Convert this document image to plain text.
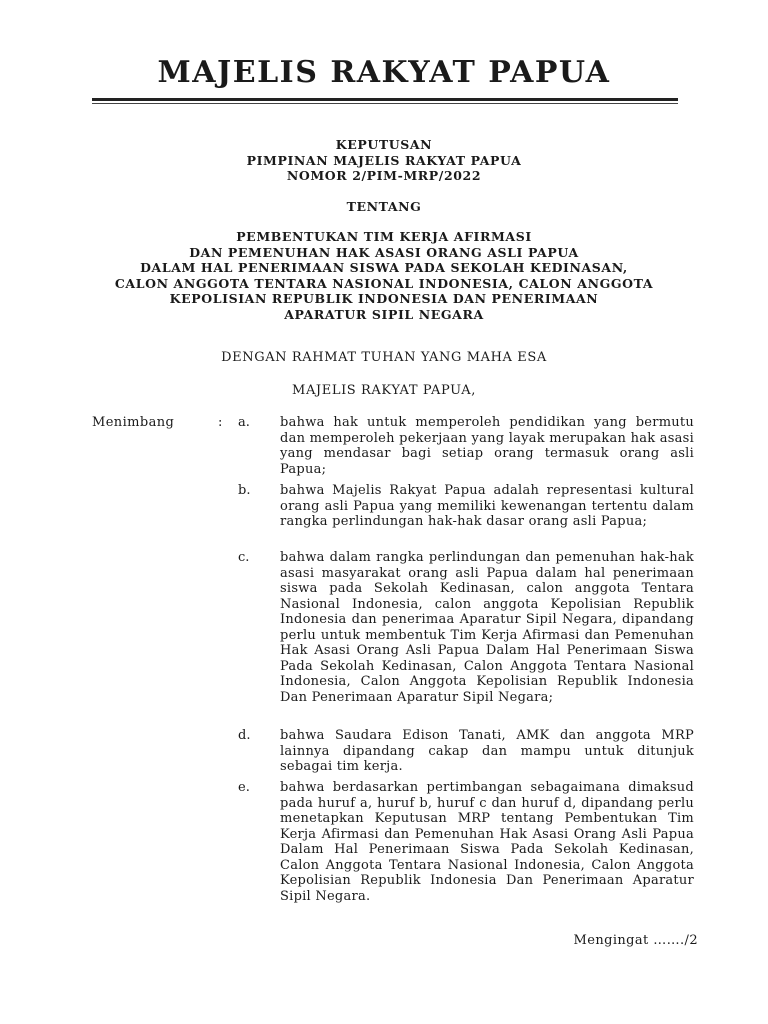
MAJELIS RAKYAT PAPUA
KEPUTUSAN
PIMPINAN MAJELIS RAKYAT PAPUA
NOMOR 2/PIM-MRP/2022
TENTANG
PEMBENTUKAN TIM KERJA AFIRMASI
DAN PEMENUHAN HAK ASASI ORANG ASLI PAPUA
DALAM HAL PENERIMAAN SISWA PADA SEKOLAH KEDINASAN,
CALON ANGGOTA TENTARA NASIONAL INDONESIA, CALON ANGGOTA
KEPOLISIAN REPUBLIK INDONESIA DAN PENERIMAAN
APARATUR SIPIL NEGARA
DENGAN RAHMAT TUHAN YANG MAHA ESA
MAJELIS RAKYAT PAPUA,
Menimbang	: a.	bahwa hak untuk memperoleh pendidikan yang bermutu dan memperoleh pekerjaan yang layak merupakan hak asasi yang mendasar bagi setiap orang termasuk orang asli Papua;
b.	bahwa Majelis Rakyat Papua adalah representasi kultural orang asli Papua yang memiliki kewenangan tertentu dalam rangka perlindungan hak-hak dasar orang asli Papua;
c.	bahwa dalam rangka perlindungan dan pemenuhan hak-hak asasi masyarakat orang asli Papua dalam hal penerimaan siswa pada Sekolah Kedinasan, calon anggota Tentara Nasional Indonesia, calon anggota Kepolisian Republik Indonesia dan penerimaa Aparatur Sipil Negara, dipandang perlu untuk membentuk Tim Kerja Afirmasi dan Pemenuhan Hak Asasi Orang Asli Papua Dalam Hal Penerimaan Siswa Pada Sekolah Kedinasan, Calon Anggota Tentara Nasional Indonesia, Calon Anggota Kepolisian Republik Indonesia Dan Penerimaan Aparatur Sipil Negara;
d.	bahwa Saudara Edison Tanati, AMK dan anggota MRP lainnya dipandang cakap dan mampu untuk ditunjuk sebagai tim kerja.
e.	bahwa berdasarkan pertimbangan sebagaimana dimaksud pada huruf a, huruf b, huruf c dan huruf d, dipandang perlu menetapkan Keputusan MRP tentang Pembentukan Tim Kerja Afirmasi dan Pemenuhan Hak Asasi Orang Asli Papua Dalam Hal Penerimaan Siswa Pada Sekolah Kedinasan, Calon Anggota Tentara Nasional Indonesia, Calon Anggota Kepolisian Republik Indonesia Dan Penerimaan Aparatur Sipil Negara.
Mengingat ……./2
